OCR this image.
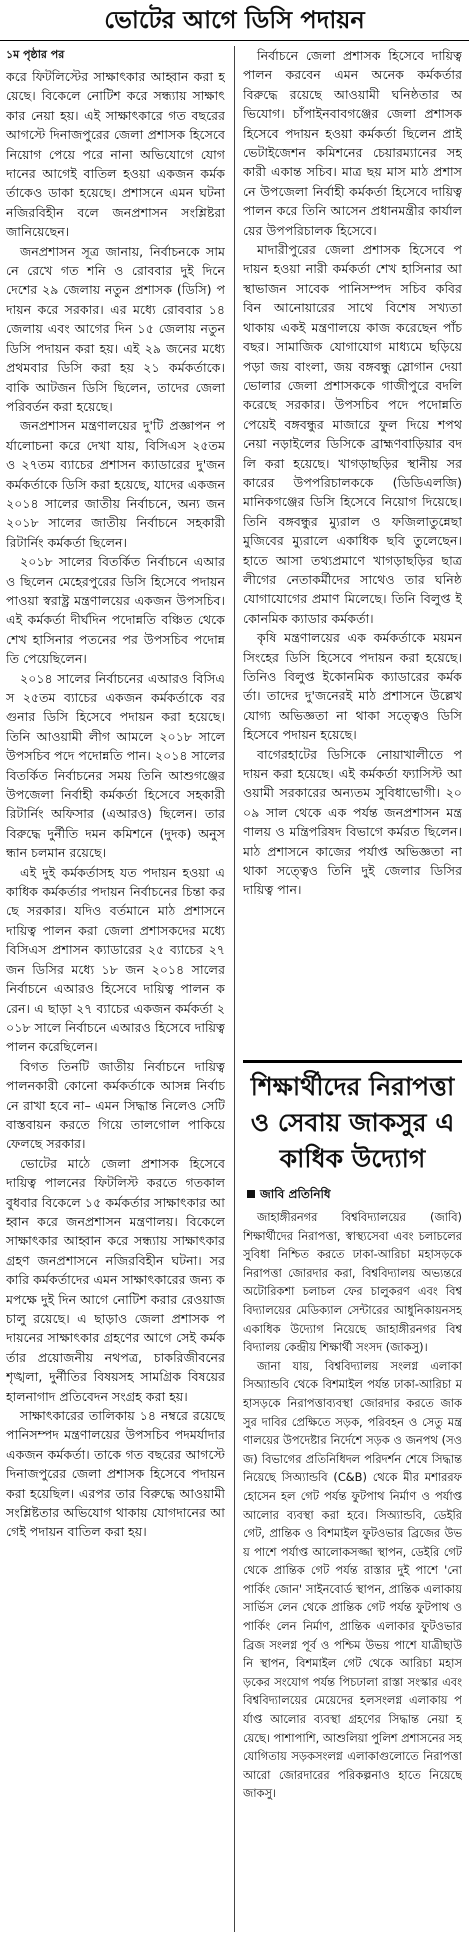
ভোটের আগে ডিসি পদায়ন
১ম পৃষ্ঠার পর

করে ফিটলিস্টের সাক্ষাৎকার আহ্বান করা হয়েছে। বিকেলে নোটিশ করে সন্ধ্যায় সাক্ষাৎকার নেয়া হয়। এই সাক্ষাৎকারে গত বছরের আগস্টে দিনাজপুরের জেলা প্রশাসক হিসেবে নিয়োগ পেয়ে পরে নানা অভিযোগে যোগদানের আগেই বাতিল হওয়া একজন কর্মকর্তাকেও ডাকা হয়েছে। প্রশাসনে এমন ঘটনা নজিরবিহীন বলে জনপ্রশাসন সংশ্লিষ্টরা জানিয়েছেন।

জনপ্রশাসন সূত্র জানায়, নির্বাচনকে সামনে রেখে গত শনি ও রোববার দুই দিনে দেশের ২৯ জেলায় নতুন প্রশাসক (ডিসি) পদায়ন করে সরকার। এর মধ্যে রোববার ১৪ জেলায় এবং আগের দিন ১৫ জেলায় নতুন ডিসি পদায়ন করা হয়। এই ২৯ জনের মধ্যে প্রথমবার ডিসি করা হয় ২১ কর্মকর্তাকে। বাকি আটজন ডিসি ছিলেন, তাদের জেলা পরিবর্তন করা হয়েছে।

জনপ্রশাসন মন্ত্রণালয়ের দু'টি প্রজ্ঞাপন পর্যালোচনা করে দেখা যায়, বিসিএস ২৫তম ও ২৭তম ব্যাচের প্রশাসন ক্যাডারের দু'জন কর্মকর্তাকে ডিসি করা হয়েছে, যাদের একজন ২০১৪ সালের জাতীয় নির্বাচনে, অন্য জন ২০১৮ সালের জাতীয় নির্বাচনে সহকারী রিটার্নিং কর্মকর্তা ছিলেন।

২০১৮ সালের বিতর্কিত নির্বাচনে এআরও ছিলেন মেহেরপুরের ডিসি হিসেবে পদায়ন পাওয়া স্বরাষ্ট্র মন্ত্রণালয়ের একজন উপসচিব। এই কর্মকর্তা দীর্ঘদিন পদোন্নতি বঞ্চিত থেকে শেখ হাসিনার পতনের পর উপসচিব পদোন্নতি পেয়েছিলেন।

২০১৪ সালের নির্বাচনের এআরও বিসিএস ২৫তম ব্যাচের একজন কর্মকর্তাকে বরগুনার ডিসি হিসেবে পদায়ন করা হয়েছে। তিনি আওয়ামী লীগ আমলে ২০১৮ সালে উপসচিব পদে পদোন্নতি পান। ২০১৪ সালের বিতর্কিত নির্বাচনের সময় তিনি আশুগঞ্জের উপজেলা নির্বাহী কর্মকর্তা হিসেবে সহকারী রিটার্নিং অফিসার (এআরও) ছিলেন। তার বিরুদ্ধে দুর্নীতি দমন কমিশনে (দুদক) অনুসন্ধান চলমান রয়েছে।

এই দুই কর্মকর্তাসহ যত পদায়ন হওয়া একাধিক কর্মকর্তার পদায়ন নির্বাচনের চিন্তা করছে সরকার। যদিও বর্তমানে মাঠ প্রশাসনে দায়িত্ব পালন করা জেলা প্রশাসকদের মধ্যে বিসিএস প্রশাসন ক্যাডারের ২৫ ব্যাচের ২৭ জন ডিসির মধ্যে ১৮ জন ২০১৪ সালের নির্বাচনে এআরও হিসেবে দায়িত্ব পালন করেন। এ ছাড়া ২৭ ব্যাচের একজন কর্মকর্তা ২০১৮ সালে নির্বাচনে এআরও হিসেবে দায়িত্ব পালন করেছিলেন।

বিগত তিনটি জাতীয় নির্বাচনে দায়িত্ব পালনকারী কোনো কর্মকর্তাকে আসন্ন নির্বাচনে রাখা হবে না– এমন সিদ্ধান্ত নিলেও সেটি বাস্তবায়ন করতে গিয়ে তালগোল পাকিয়ে ফেলছে সরকার।

ভোটের মাঠে জেলা প্রশাসক হিসেবে দায়িত্ব পালনের ফিটলিস্ট করতে গতকাল বুধবার বিকেলে ১৫ কর্মকর্তার সাক্ষাৎকার আহ্বান করে জনপ্রশাসন মন্ত্রণালয়। বিকেলে সাক্ষাৎকার আহ্বান করে সন্ধ্যায় সাক্ষাৎকার গ্রহণ জনপ্রশাসনে নজিরবিহীন ঘটনা। সরকারি কর্মকর্তাদের এমন সাক্ষাৎকারের জন্য কমপক্ষে দুই দিন আগে নোটিশ করার রেওয়াজ চালু রয়েছে। এ ছাড়াও জেলা প্রশাসক পদায়নের সাক্ষাৎকার গ্রহণের আগে সেই কর্মকর্তার প্রয়োজনীয় নথপত্র, চাকরিজীবনের শৃঙ্খলা, দুর্নীতির বিষয়সহ সামগ্রিক বিষয়ের হালনাগাদ প্রতিবেদন সংগ্রহ করা হয়।

সাক্ষাৎকারের তালিকায় ১৪ নম্বরে রয়েছে পানিসম্পদ মন্ত্রণালয়ের উপসচিব পদমর্যাদার একজন কর্মকর্তা। তাকে গত বছরের আগস্টে দিনাজপুরের জেলা প্রশাসক হিসেবে পদায়ন করা হয়েছিল। এরপর তার বিরুদ্ধে আওয়ামী সংশ্লিষ্টতার অভিযোগ থাকায় যোগদানের আগেই পদায়ন বাতিল করা হয়।

নির্বাচনে জেলা প্রশাসক হিসেবে দায়িত্ব পালন করবেন এমন অনেক কর্মকর্তার বিরুদ্ধে রয়েছে আওয়ামী ঘনিষ্ঠতার অভিযোগ। চাঁপাইনবাবগঞ্জের জেলা প্রশাসক হিসেবে পদায়ন হওয়া কর্মকর্তা ছিলেন প্রাইভেটাইজেশন কমিশনের চেয়ারম্যানের সহকারী একান্ত সচিব। মাত্র ছয় মাস মাঠ প্রশাসনে উপজেলা নির্বাহী কর্মকর্তা হিসেবে দায়িত্ব পালন করে তিনি আসেন প্রধানমন্ত্রীর কার্যালয়ের উপপরিচালক হিসেবে।

মাদারীপুরের জেলা প্রশাসক হিসেবে পদায়ন হওয়া নারী কর্মকর্তা শেখ হাসিনার আস্থাভাজন সাবেক পানিসম্পদ সচিব কবির বিন আনোয়ারের সাথে বিশেষ সখ্যতা থাকায় একই মন্ত্রণালয়ে কাজ করেছেন পাঁচ বছর। সামাজিক যোগাযোগ মাধ্যমে ছড়িয়ে পড়া জয় বাংলা, জয় বঙ্গবন্ধু স্লোগান দেয়া ভোলার জেলা প্রশাসককে গাজীপুরে বদলি করেছে সরকার। উপসচিব পদে পদোন্নতি পেয়েই বঙ্গবন্ধুর মাজারে ফুল দিয়ে শপথ নেয়া নড়াইলের ডিসিকে ব্রাহ্মণবাড়িয়ার বদলি করা হয়েছে। খাগড়াছড়ির স্থানীয় সরকারের উপপরিচালককে (ডিডিএলজি) মানিকগঞ্জের ডিসি হিসেবে নিয়োগ দিয়েছে। তিনি বঙ্গবন্ধুর ম্যুরাল ও ফজিলাতুন্নেছা মুজিবের ম্যুরালে একাধিক ছবি তুলেছেন। হাতে আসা তথ্যপ্রমাণে খাগড়াছড়ির ছাত্রলীগের নেতাকর্মীদের সাথেও তার ঘনিষ্ঠ যোগাযোগের প্রমাণ মিলেছে। তিনি বিলুপ্ত ইকোনমিক ক্যাডার কর্মকর্তা।

কৃষি মন্ত্রণালয়ের এক কর্মকর্তাকে ময়মনসিংহের ডিসি হিসেবে পদায়ন করা হয়েছে। তিনিও বিলুপ্ত ইকোনমিক ক্যাডারের কর্মকর্তা। তাদের দু'জনেরই মাঠ প্রশাসনে উল্লেখযোগ্য অভিজ্ঞতা না থাকা সত্ত্বেও ডিসি হিসেবে পদায়ন হয়েছে।

বাগেরহাটের ডিসিকে নোয়াখালীতে পদায়ন করা হয়েছে। এই কর্মকর্তা ফ্যাসিস্ট আওয়ামী সরকারের অন্যতম সুবিধাভোগী। ২০০৯ সাল থেকে এক পর্যন্ত জনপ্রশাসন মন্ত্রণালয় ও মন্ত্রিপরিষদ বিভাগে কর্মরত ছিলেন। মাঠ প্রশাসনে কাজের পর্যাপ্ত অভিজ্ঞতা না থাকা সত্ত্বেও তিনি দুই জেলার ডিসির দায়িত্ব পান।

শিক্ষার্থীদের নিরাপত্তা ও সেবায় জাকসুর একাধিক উদ্যোগ
জাবি প্রতিনিধি

জাহাঙ্গীরনগর বিশ্ববিদ্যালয়ের (জাবি) শিক্ষার্থীদের নিরাপত্তা, স্বাস্থ্যসেবা এবং চলাচলের সুবিধা নিশ্চিত করতে ঢাকা-আরিচা মহাসড়কে নিরাপত্তা জোরদার করা, বিশ্ববিদ্যালয় অভ্যন্তরে অটোরিকশা চলাচল ফের চালুকরণ এবং বিশ্ববিদ্যালয়ের মেডিক্যাল সেন্টারের আধুনিকায়নসহ একাধিক উদ্যোগ নিয়েছে জাহাঙ্গীরনগর বিশ্ববিদ্যালয় কেন্দ্রীয় শিক্ষার্থী সংসদ (জাকসু)।

জানা যায়, বিশ্ববিদ্যালয় সংলগ্ন এলাকা সিঅ্যান্ডবি থেকে বিশমাইল পর্যন্ত ঢাকা-আরিচা মহাসড়কে নিরাপত্তাব্যবস্থা জোরদার করতে জাকসুর দাবির প্রেক্ষিতে সড়ক, পরিবহন ও সেতু মন্ত্রণালয়ের উপদেষ্টার নির্দেশে সড়ক ও জনপথ (সওজ) বিভাগের প্রতিনিধিদল পরিদর্শন শেষে সিদ্ধান্ত নিয়েছে সিঅ্যান্ডবি (C&B) থেকে মীর মশাররফ হোসেন হল গেট পর্যন্ত ফুটপাথ নির্মাণ ও পর্যাপ্ত আলোর ব্যবস্থা করা হবে। সিঅ্যান্ডবি, ডেইরি গেট, প্রান্তিক ও বিশমাইল ফুটওভার ব্রিজের উভয় পাশে পর্যাপ্ত আলোকসজ্জা স্থাপন, ডেইরি গেট থেকে প্রান্তিক গেট পর্যন্ত রাস্তার দুই পাশে 'নো পার্কিং জোন' সাইনবোর্ড স্থাপন, প্রান্তিক এলাকায় সার্ভিস লেন থেকে প্রান্তিক গেট পর্যন্ত ফুটপাথ ও পার্কিং লেন নির্মাণ, প্রান্তিক এলাকার ফুটওভার ব্রিজ সংলগ্ন পূর্ব ও পশ্চিম উভয় পাশে যাত্রীছাউনি স্থাপন, বিশমাইল গেট থেকে আরিচা মহাসড়কের সংযোগ পর্যন্ত পিচঢালা রাস্তা সংস্কার এবং বিশ্ববিদ্যালয়ের মেয়েদের হলসংলগ্ন এলাকায় পর্যাপ্ত আলোর ব্যবস্থা গ্রহণের সিদ্ধান্ত নেয়া হয়েছে। পাশাপাশি, আশুলিয়া পুলিশ প্রশাসনের সহযোগিতায় সড়কসংলগ্ন এলাকাগুলোতে নিরাপত্তা আরো জোরদারের পরিকল্পনাও হাতে নিয়েছে জাকসু।
